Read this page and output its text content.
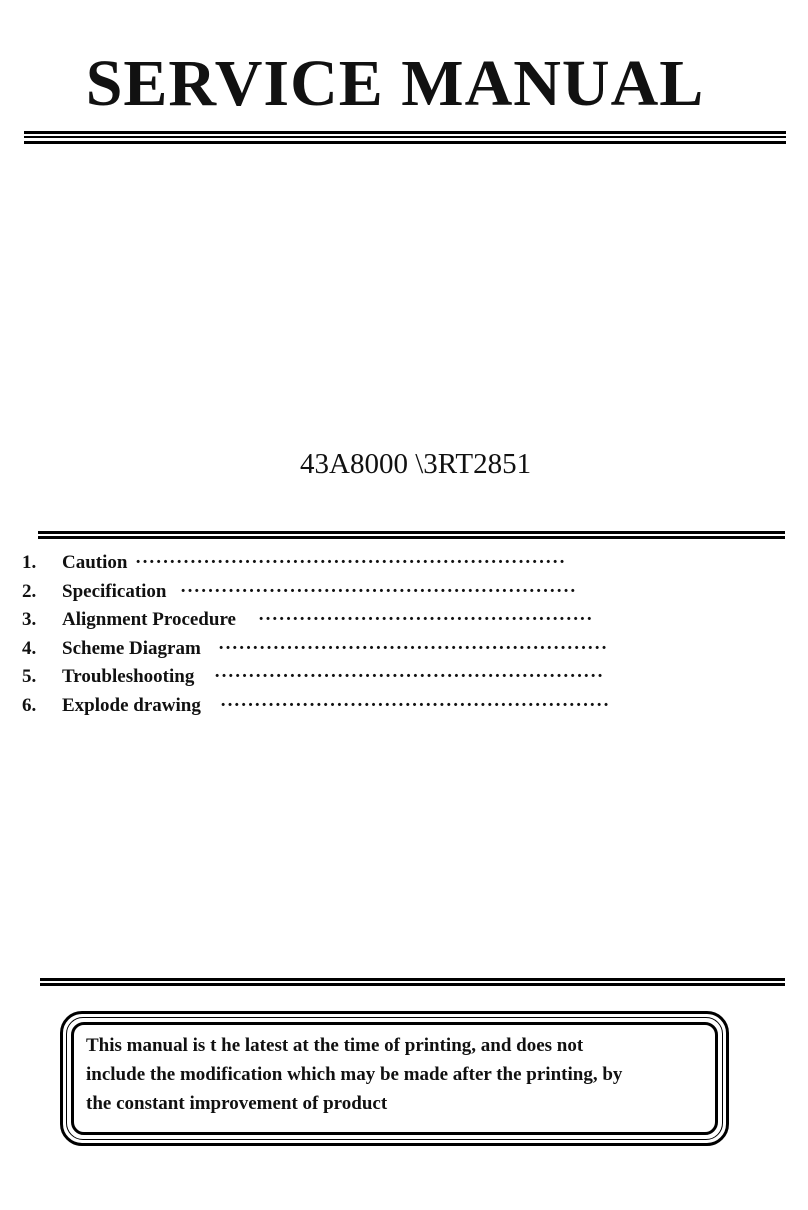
SERVICE MANUAL
43A8000 \3RT2851
1. Caution ·······························································
2. Specification ··························································
3. Alignment Procedure ·················································
4. Scheme Diagram ·························································
5. Troubleshooting ·························································
6. Explode drawing ·························································
This manual is t he latest at the time of printing, and does not
include the modification which may be made after the printing, by
the constant improvement of product
